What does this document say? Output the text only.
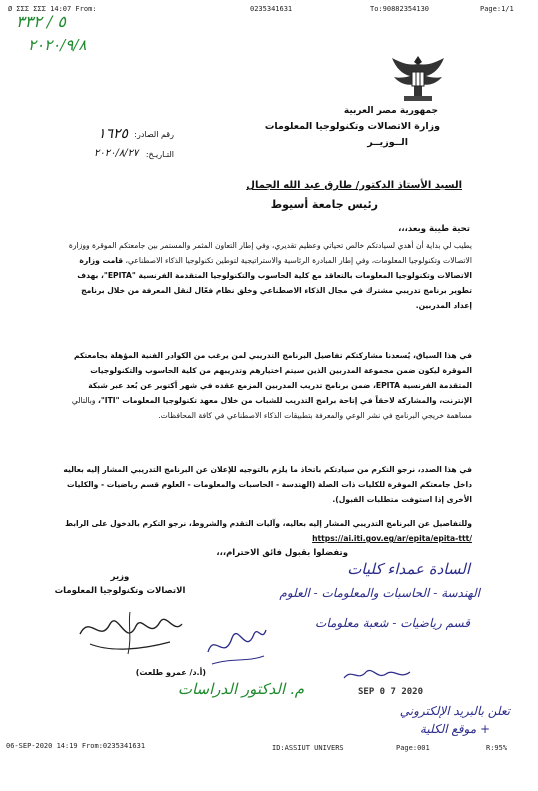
Ø ΣΣΣ ΣΣΣ 14:07 From:	0235341631	To:90882354130	Page:1/1
٥ / ٣٣٢
٢٠٢٠/٩/٨
جمهورية مصر العربية
وزارة الاتصالات وتكنولوجيا المعلومات
الــوزيــر
رقم الصادر:
١٦٢٥
التـاريـخ:
٢٠٢٠/٨/٢٧
السيد الأستاذ الدكتور/ طارق عبد الله الجمال
رئيس جامعة أسيوط
تحية طيبة وبعد،،،
يطيب لي بداية أن أهدي لسيادتكم خالص تحياتي وعظيم تقديري، وفي إطار التعاون المثمر والمستمر بين جامعتكم الموقرة ووزارة الاتصالات وتكنولوجيا المعلومات، وفي إطار المبادرة الرئاسية والاستراتيجية لتوطين تكنولوجيا الذكاء الاصطناعي، قامت وزارة الاتصالات وتكنولوجيا المعلومات بالتعاقد مع كلية الحاسوب والتكنولوجيا المتقدمة الفرنسية "EPITA"، بهدف تطوير برنامج تدريبي مشترك في مجال الذكاء الاصطناعي وخلق نظام فعّال لنقل المعرفة من خلال برنامج إعداد المدربين.
في هذا السياق، يُسعدنا مشاركتكم تفاصيل البرنامج التدريبي لمن يرغب من الكوادر الفنية المؤهلة بجامعتكم الموقرة ليكون ضمن مجموعة المدربين الذين سيتم اختيارهم وتدريبهم من كلية الحاسوب والتكنولوجيات المتقدمة الفرنسية EPITA، ضمن برنامج تدريب المدربين المزمع عقده في شهر أكتوبر عن بُعد عبر شبكة الإنترنت، والمشاركة لاحقاً في إتاحة برامج التدريب للشباب من خلال معهد تكنولوجيا المعلومات "ITI"، وبالتالي مساهمة خريجي البرنامج في نشر الوعي والمعرفة بتطبيقات الذكاء الاصطناعي في كافة المحافظات.
في هذا الصدد، نرجو التكرم من سيادتكم باتخاذ ما يلزم بالتوجيه للإعلان عن البرنامج التدريبي المشار إليه بعاليه داخل جامعتكم الموقرة للكليات ذات الصلة (الهندسة - الحاسبات والمعلومات - العلوم قسم رياضيات - والكليات الأخرى إذا استوفت متطلبات القبول).
وللتفاصيل عن البرنامج التدريبي المشار إليه بعاليه، وآليات التقدم والشروط، نرجو التكرم بالدخول على الرابط https://ai.iti.gov.eg/ar/epita/epita-ttt/
وتفضلوا بقبول فائق الاحترام،،،
وزير
الاتصالات وتكنولوجيا المعلومات
(أ.د/ عمرو طلعت)
السادة عمداء كليات
الهندسة - الحاسبات والمعلومات - العلوم
قسم رياضيات - شعبة معلومات
SEP 0 7 2020
م. الدكتور الدراسات
تعلن بالبريد الإلكتروني
+ موقع الكلية
06-SEP-2020 14:19 From:0235341631	ID:ASSIUT UNIVERS	Page:001	R:95%
